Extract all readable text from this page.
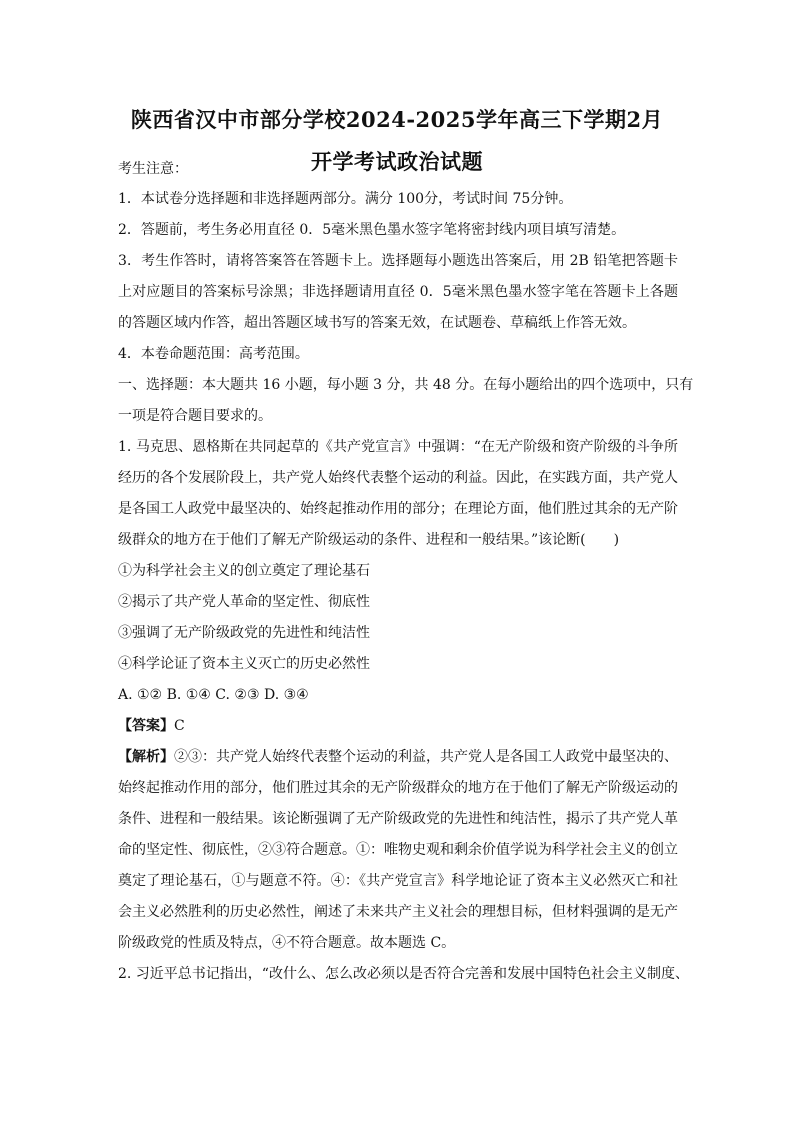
陕西省汉中市部分学校2024-2025学年高三下学期2月
开学考试政治试题
考生注意：
1．本试卷分选择题和非选择题两部分。满分 100分，考试时间 75分钟。
2．答题前，考生务必用直径 0．5毫米黑色墨水签字笔将密封线内项目填写清楚。
3．考生作答时，请将答案答在答题卡上。选择题每小题选出答案后，用 2B 铅笔把答题卡
上对应题目的答案标号涂黑；非选择题请用直径 0．5毫米黑色墨水签字笔在答题卡上各题
的答题区域内作答，超出答题区域书写的答案无效，在试题卷、草稿纸上作答无效。
4．本卷命题范围：高考范围。
一、选择题：本大题共 16 小题，每小题 3 分，共 48 分。在每小题给出的四个选项中，只有
一项是符合题目要求的。
1. 马克思、恩格斯在共同起草的《共产党宣言》中强调：“在无产阶级和资产阶级的斗争所
经历的各个发展阶段上，共产党人始终代表整个运动的利益。因此，在实践方面，共产党人
是各国工人政党中最坚决的、始终起推动作用的部分；在理论方面，他们胜过其余的无产阶
级群众的地方在于他们了解无产阶级运动的条件、进程和一般结果。”该论断(　　)
①为科学社会主义的创立奠定了理论基石
②揭示了共产党人革命的坚定性、彻底性
③强调了无产阶级政党的先进性和纯洁性
④科学论证了资本主义灭亡的历史必然性
A. ①② B. ①④ C. ②③ D. ③④
【答案】C
【解析】②③：共产党人始终代表整个运动的利益，共产党人是各国工人政党中最坚决的、
始终起推动作用的部分，他们胜过其余的无产阶级群众的地方在于他们了解无产阶级运动的
条件、进程和一般结果。该论断强调了无产阶级政党的先进性和纯洁性，揭示了共产党人革
命的坚定性、彻底性，②③符合题意。①：唯物史观和剩余价值学说为科学社会主义的创立
奠定了理论基石，①与题意不符。④：《共产党宣言》科学地论证了资本主义必然灭亡和社
会主义必然胜利的历史必然性，阐述了未来共产主义社会的理想目标，但材料强调的是无产
阶级政党的性质及特点，④不符合题意。故本题选 C。
2. 习近平总书记指出，“改什么、怎么改必须以是否符合完善和发展中国特色社会主义制度、
